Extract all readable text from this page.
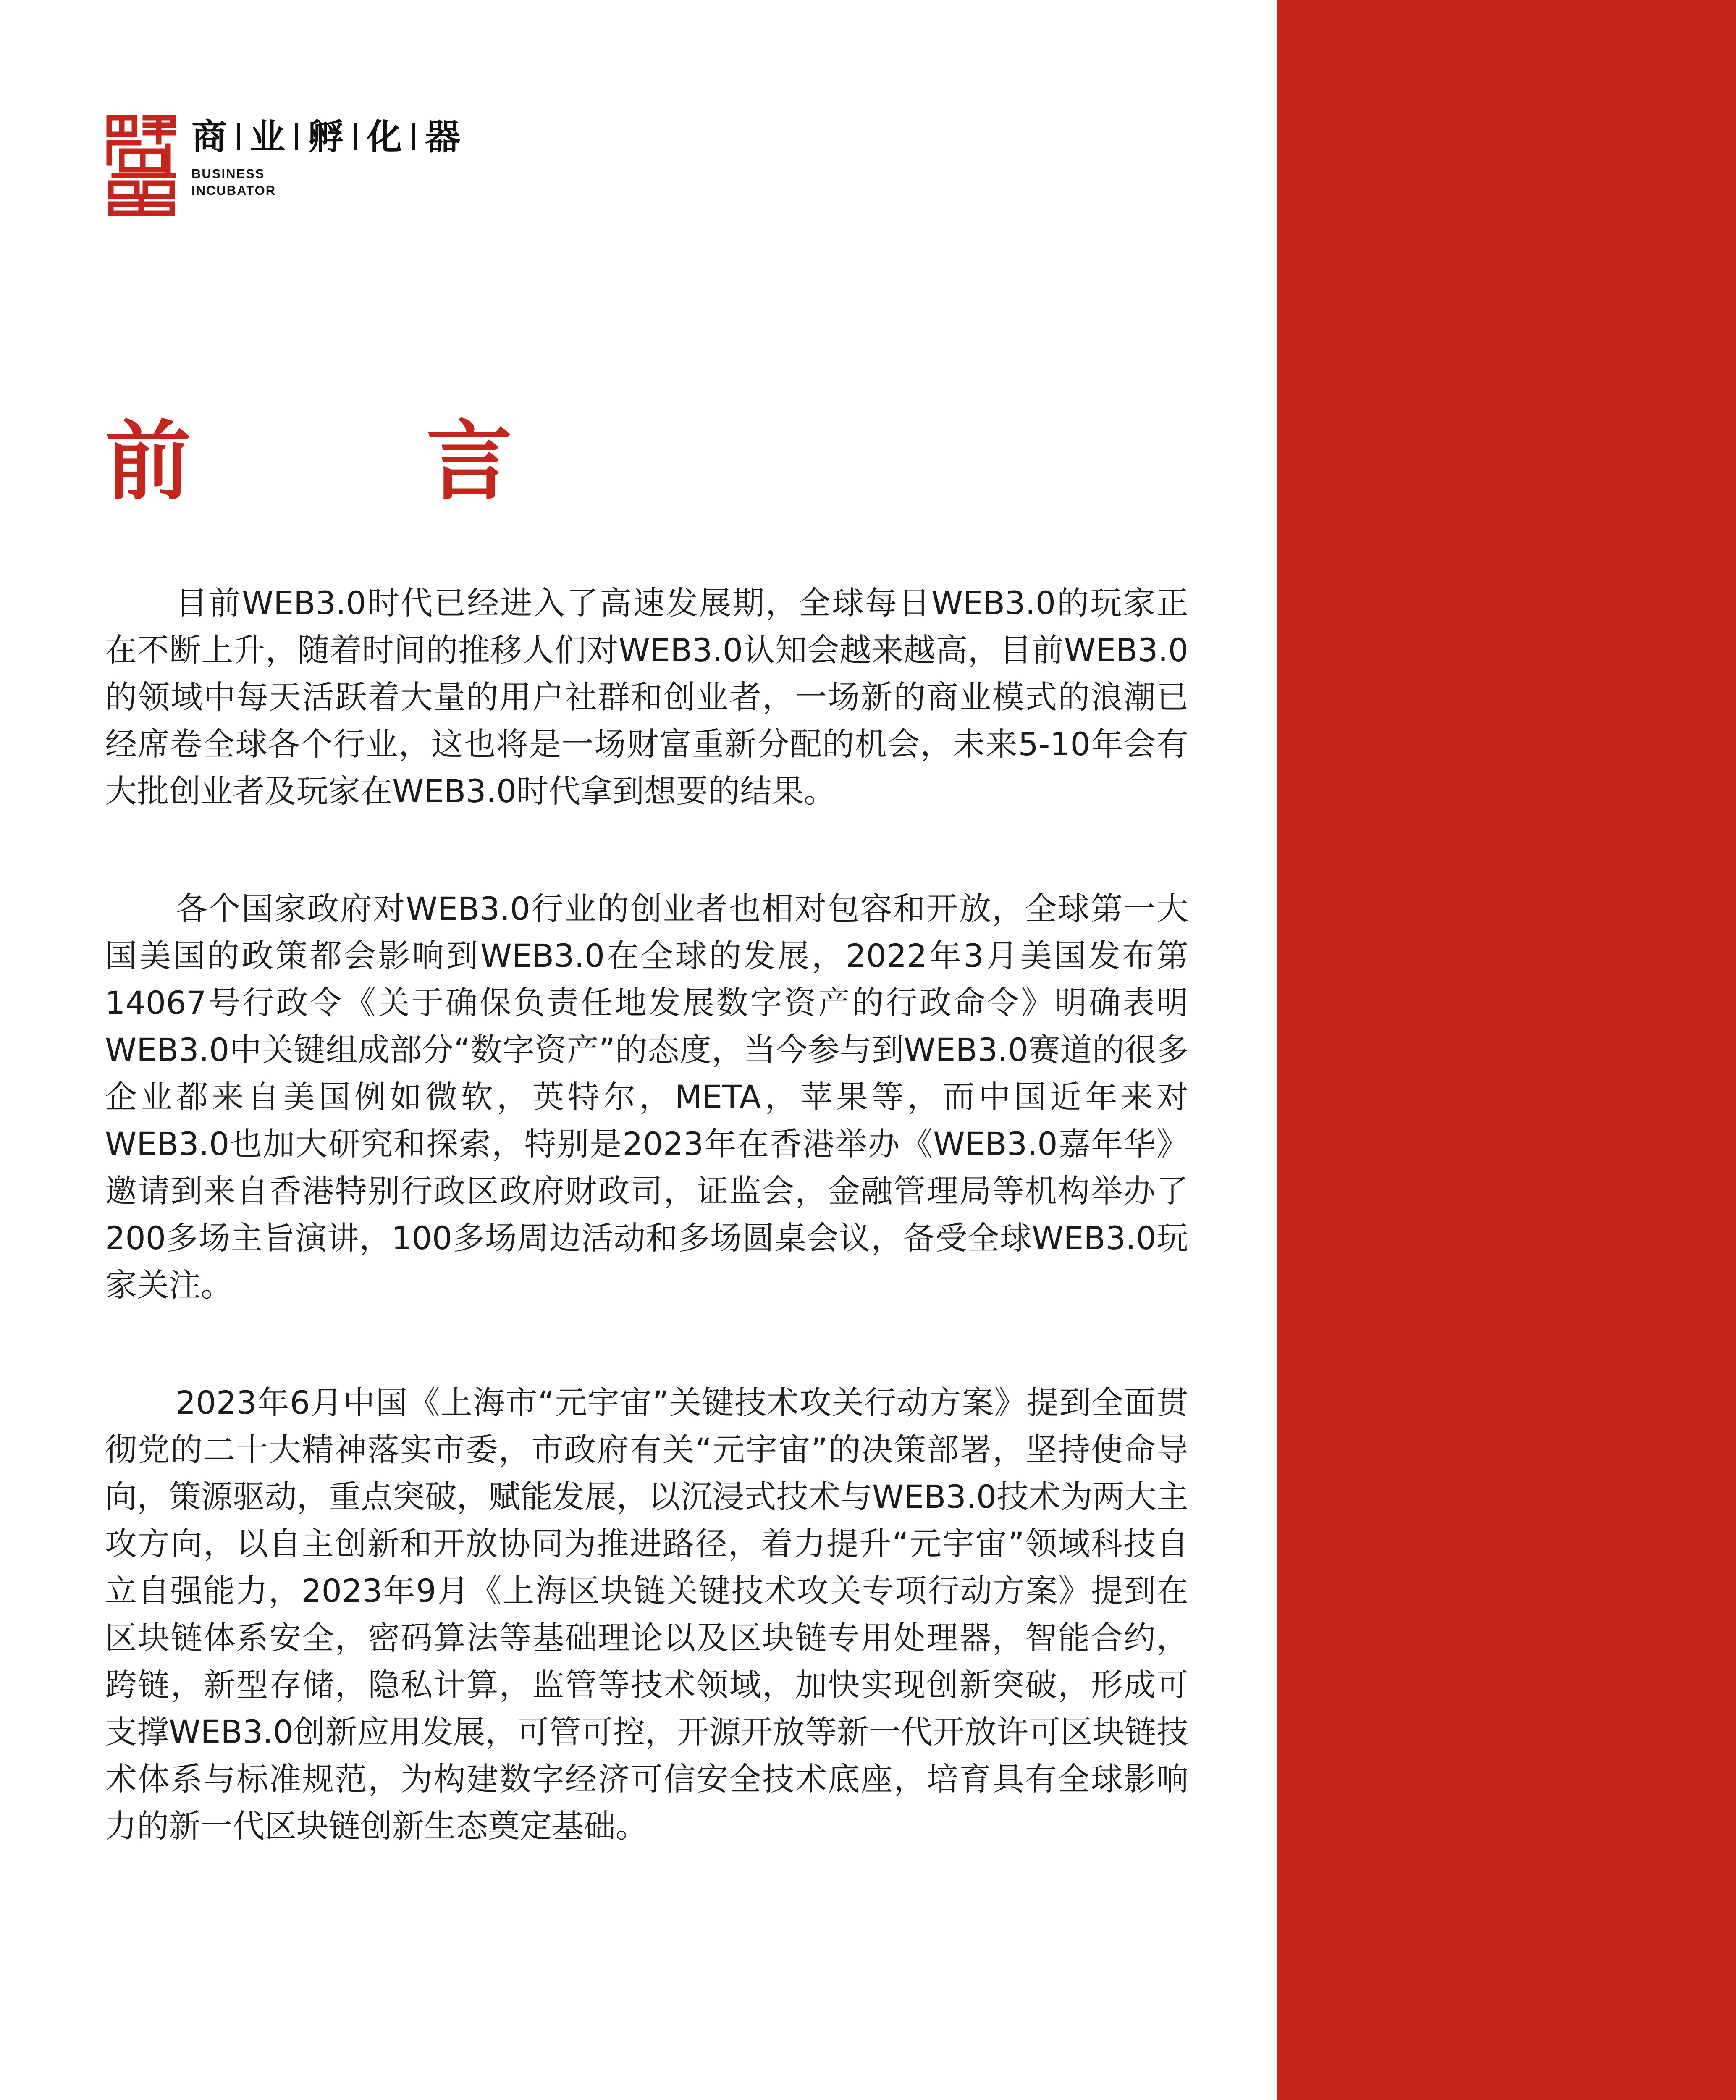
商 业 孵 化 器
BUSINESS
INCUBATOR
前言

目前WEB3.0时代已经进入了高速发展期，全球每日WEB3.0的玩家正在不断上升，随着时间的推移人们对WEB3.0认知会越来越高，目前WEB3.0的领域中每天活跃着大量的用户社群和创业者，一场新的商业模式的浪潮已经席卷全球各个行业，这也将是一场财富重新分配的机会，未来5-10年会有大批创业者及玩家在WEB3.0时代拿到想要的结果。

各个国家政府对WEB3.0行业的创业者也相对包容和开放，全球第一大国美国的政策都会影响到WEB3.0在全球的发展，2022年3月美国发布第14067号行政令《关于确保负责任地发展数字资产的行政命令》明确表明WEB3.0中关键组成部分“数字资产”的态度，当今参与到WEB3.0赛道的很多企业都来自美国例如微软，英特尔，META，苹果等，而中国近年来对WEB3.0也加大研究和探索，特别是2023年在香港举办《WEB3.0嘉年华》邀请到来自香港特别行政区政府财政司，证监会，金融管理局等机构举办了200多场主旨演讲，100多场周边活动和多场圆桌会议，备受全球WEB3.0玩家关注。

2023年6月中国《上海市“元宇宙”关键技术攻关行动方案》提到全面贯彻党的二十大精神落实市委，市政府有关“元宇宙”的决策部署，坚持使命导向，策源驱动，重点突破，赋能发展，以沉浸式技术与WEB3.0技术为两大主攻方向，以自主创新和开放协同为推进路径，着力提升“元宇宙”领域科技自立自强能力，2023年9月《上海区块链关键技术攻关专项行动方案》提到在区块链体系安全，密码算法等基础理论以及区块链专用处理器，智能合约，跨链，新型存储，隐私计算，监管等技术领域，加快实现创新突破，形成可支撑WEB3.0创新应用发展，可管可控，开源开放等新一代开放许可区块链技术体系与标准规范，为构建数字经济可信安全技术底座，培育具有全球影响力的新一代区块链创新生态奠定基础。
